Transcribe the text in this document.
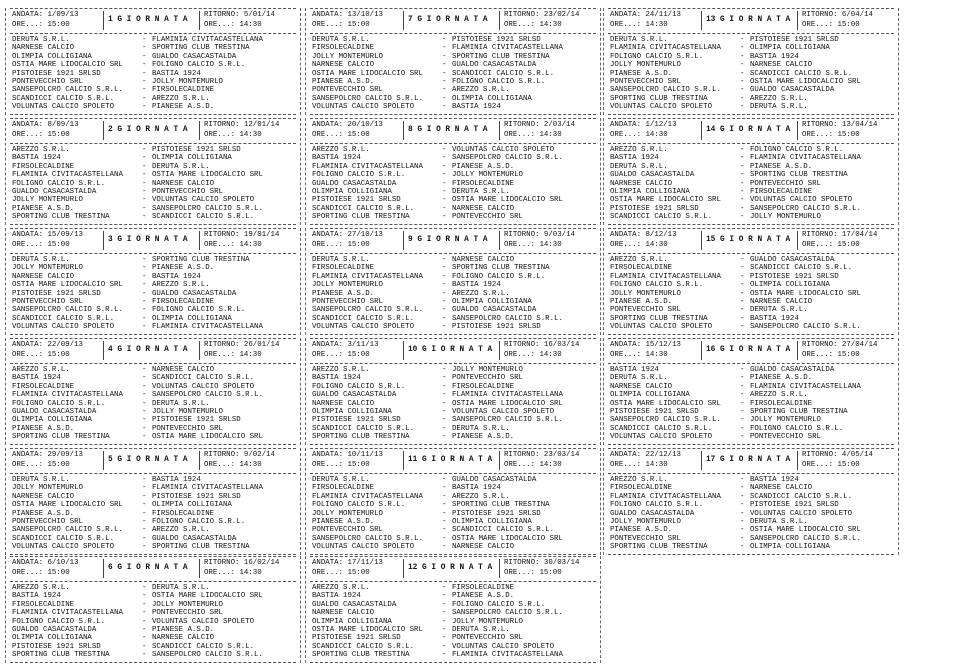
ANDATA: 1/09/13
ORE...: 15:00
1 G I O R N A T A
RITORNO: 5/01/14
ORE...: 14:30
DERUTA S.R.L.	- FLAMINIA CIVITACASTELLANA
NARNESE CALCIO	- SPORTING CLUB TRESTINA
OLIMPIA COLLIGIANA	- GUALDO CASACASTALDA
OSTIA MARE LIDOCALCIO SRL	- FOLIGNO CALCIO S.R.L.
PISTOIESE 1921 SRLSD	- BASTIA 1924
PONTEVECCHIO SRL	- JOLLY MONTEMURLO
SANSEPOLCRO CALCIO S.R.L.	- FIRSOLECALDINE
SCANDICCI CALCIO S.R.L.	- AREZZO S.R.L.
VOLUNTAS CALCIO SPOLETO	- PIANESE A.S.D.
ANDATA: 8/09/13
ORE...: 15:00
2 G I O R N A T A
RITORNO: 12/01/14
ORE...: 14:30
AREZZO S.R.L.	- PISTOIESE 1921 SRLSD
BASTIA 1924	- OLIMPIA COLLIGIANA
FIRSOLECALDINE	- DERUTA S.R.L.
FLAMINIA CIVITACASTELLANA	- OSTIA MARE LIDOCALCIO SRL
FOLIGNO CALCIO S.R.L.	- NARNESE CALCIO
GUALDO CASACASTALDA	- PONTEVECCHIO SRL
JOLLY MONTEMURLO	- VOLUNTAS CALCIO SPOLETO
PIANESE A.S.D.	- SANSEPOLCRO CALCIO S.R.L.
SPORTING CLUB TRESTINA	- SCANDICCI CALCIO S.R.L.
ANDATA: 15/09/13
ORE...: 15:00
3 G I O R N A T A
RITORNO: 19/01/14
ORE...: 14:30
DERUTA S.R.L.	- SPORTING CLUB TRESTINA
JOLLY MONTEMURLO	- PIANESE A.S.D.
NARNESE CALCIO	- BASTIA 1924
OSTIA MARE LIDOCALCIO SRL	- AREZZO S.R.L.
PISTOIESE 1921 SRLSD	- GUALDO CASACASTALDA
PONTEVECCHIO SRL	- FIRSOLECALDINE
SANSEPOLCRO CALCIO S.R.L.	- FOLIGNO CALCIO S.R.L.
SCANDICCI CALCIO S.R.L.	- OLIMPIA COLLIGIANA
VOLUNTAS CALCIO SPOLETO	- FLAMINIA CIVITACASTELLANA
ANDATA: 22/09/13
ORE...: 15:00
4 G I O R N A T A
RITORNO: 26/01/14
ORE...: 14:30
AREZZO S.R.L.	- NARNESE CALCIO
BASTIA 1924	- SCANDICCI CALCIO S.R.L.
FIRSOLECALDINE	- VOLUNTAS CALCIO SPOLETO
FLAMINIA CIVITACASTELLANA	- SANSEPOLCRO CALCIO S.R.L.
FOLIGNO CALCIO S.R.L.	- DERUTA S.R.L.
GUALDO CASACASTALDA	- JOLLY MONTEMURLO
OLIMPIA COLLIGIANA	- PISTOIESE 1921 SRLSD
PIANESE A.S.D.	- PONTEVECCHIO SRL
SPORTING CLUB TRESTINA	- OSTIA MARE LIDOCALCIO SRL
ANDATA: 29/09/13
ORE...: 15:00
5 G I O R N A T A
RITORNO: 9/02/14
ORE...: 14:30
DERUTA S.R.L.	- BASTIA 1924
JOLLY MONTEMURLO	- FLAMINIA CIVITACASTELLANA
NARNESE CALCIO	- PISTOIESE 1921 SRLSD
OSTIA MARE LIDOCALCIO SRL	- OLIMPIA COLLIGIANA
PIANESE A.S.D.	- FIRSOLECALDINE
PONTEVECCHIO SRL	- FOLIGNO CALCIO S.R.L.
SANSEPOLCRO CALCIO S.R.L.	- AREZZO S.R.L.
SCANDICCI CALCIO S.R.L.	- GUALDO CASACASTALDA
VOLUNTAS CALCIO SPOLETO	- SPORTING CLUB TRESTINA
ANDATA: 6/10/13
ORE...: 15:00
6 G I O R N A T A
RITORNO: 16/02/14
ORE...: 14:30
AREZZO S.R.L.	- DERUTA S.R.L.
BASTIA 1924	- OSTIA MARE LIDOCALCIO SRL
FIRSOLECALDINE	- JOLLY MONTEMURLO
FLAMINIA CIVITACASTELLANA	- PONTEVECCHIO SRL
FOLIGNO CALCIO S.R.L.	- VOLUNTAS CALCIO SPOLETO
GUALDO CASACASTALDA	- PIANESE A.S.D.
OLIMPIA COLLIGIANA	- NARNESE CALCIO
PISTOIESE 1921 SRLSD	- SCANDICCI CALCIO S.R.L.
SPORTING CLUB TRESTINA	- SANSEPOLCRO CALCIO S.R.L.
ANDATA: 13/10/13
ORE...: 15:00
7 G I O R N A T A
RITORNO: 23/02/14
ORE...: 14:30
DERUTA S.R.L.	- PISTOIESE 1921 SRLSD
FIRSOLECALDINE	- FLAMINIA CIVITACASTELLANA
JOLLY MONTEMURLO	- SPORTING CLUB TRESTINA
NARNESE CALCIO	- GUALDO CASACASTALDA
OSTIA MARE LIDOCALCIO SRL	- SCANDICCI CALCIO S.R.L.
PIANESE A.S.D.	- FOLIGNO CALCIO S.R.L.
PONTEVECCHIO SRL	- AREZZO S.R.L.
SANSEPOLCRO CALCIO S.R.L.	- OLIMPIA COLLIGIANA
VOLUNTAS CALCIO SPOLETO	- BASTIA 1924
ANDATA: 20/10/13
ORE...: 15:00
8 G I O R N A T A
RITORNO: 2/03/14
ORE...: 14:30
AREZZO S.R.L.	- VOLUNTAS CALCIO SPOLETO
BASTIA 1924	- SANSEPOLCRO CALCIO S.R.L.
FLAMINIA CIVITACASTELLANA	- PIANESE A.S.D.
FOLIGNO CALCIO S.R.L.	- JOLLY MONTEMURLO
GUALDO CASACASTALDA	- FIRSOLECALDINE
OLIMPIA COLLIGIANA	- DERUTA S.R.L.
PISTOIESE 1921 SRLSD	- OSTIA MARE LIDOCALCIO SRL
SCANDICCI CALCIO S.R.L.	- NARNESE CALCIO
SPORTING CLUB TRESTINA	- PONTEVECCHIO SRL
ANDATA: 27/10/13
ORE...: 15:00
9 G I O R N A T A
RITORNO: 9/03/14
ORE...: 14:30
DERUTA S.R.L.	- NARNESE CALCIO
FIRSOLECALDINE	- SPORTING CLUB TRESTINA
FLAMINIA CIVITACASTELLANA	- FOLIGNO CALCIO S.R.L.
JOLLY MONTEMURLO	- BASTIA 1924
PIANESE A.S.D.	- AREZZO S.R.L.
PONTEVECCHIO SRL	- OLIMPIA COLLIGIANA
SANSEPOLCRO CALCIO S.R.L.	- GUALDO CASACASTALDA
SCANDICCI CALCIO S.R.L.	- SANSEPOLCRO CALCIO S.R.L.
VOLUNTAS CALCIO SPOLETO	- PISTOIESE 1921 SRLSD
ANDATA: 3/11/13
ORE...: 15:00
10 G I O R N A T A
RITORNO: 16/03/14
ORE...: 14:30
AREZZO S.R.L.	- JOLLY MONTEMURLO
BASTIA 1924	- PONTEVECCHIO SRL
FOLIGNO CALCIO S.R.L.	- FIRSOLECALDINE
GUALDO CASACASTALDA	- FLAMINIA CIVITACASTELLANA
NARNESE CALCIO	- OSTIA MARE LIDOCALCIO SRL
OLIMPIA COLLIGIANA	- VOLUNTAS CALCIO SPOLETO
PISTOIESE 1921 SRLSD	- SANSEPOLCRO CALCIO S.R.L.
SCANDICCI CALCIO S.R.L.	- DERUTA S.R.L.
SPORTING CLUB TRESTINA	- PIANESE A.S.D.
ANDATA: 10/11/13
ORE...: 15:00
11 G I O R N A T A
RITORNO: 23/03/14
ORE...: 14:30
DERUTA S.R.L.	- GUALDO CASACASTALDA
FIRSOLECALDINE	- BASTIA 1924
FLAMINIA CIVITACASTELLANA	- AREZZO S.R.L.
FOLIGNO CALCIO S.R.L.	- SPORTING CLUB TRESTINA
JOLLY MONTEMURLO	- PISTOIESE 1921 SRLSD
PIANESE A.S.D.	- OLIMPIA COLLIGIANA
PONTEVECCHIO SRL	- SCANDICCI CALCIO S.R.L.
SANSEPOLCRO CALCIO S.R.L.	- OSTIA MARE LIDOCALCIO SRL
VOLUNTAS CALCIO SPOLETO	- NARNESE CALCIO
ANDATA: 17/11/13
ORE...: 15:00
12 G I O R N A T A
RITORNO: 30/03/14
ORE...: 15:00
AREZZO S.R.L.	- FIRSOLECALDINE
BASTIA 1924	- PIANESE A.S.D.
GUALDO CASACASTALDA	- FOLIGNO CALCIO S.R.L.
NARNESE CALCIO	- SANSEPOLCRO CALCIO S.R.L.
OLIMPIA COLLIGIANA	- JOLLY MONTEMURLO
OSTIA MARE LIDOCALCIO SRL	- DERUTA S.R.L.
PISTOIESE 1921 SRLSD	- PONTEVECCHIO SRL
SCANDICCI CALCIO S.R.L.	- VOLUNTAS CALCIO SPOLETO
SPORTING CLUB TRESTINA	- FLAMINIA CIVITACASTELLANA
ANDATA: 24/11/13
ORE...: 14:30
13 G I O R N A T A
RITORNO: 6/04/14
ORE...: 15:00
DERUTA S.R.L.	- PISTOIESE 1921 SRLSD
FLAMINIA CIVITACASTELLANA	- OLIMPIA COLLIGIANA
FOLIGNO CALCIO S.R.L.	- BASTIA 1924
JOLLY MONTEMURLO	- NARNESE CALCIO
PIANESE A.S.D.	- SCANDICCI CALCIO S.R.L.
PONTEVECCHIO SRL	- OSTIA MARE LIDOCALCIO SRL
SANSEPOLCRO CALCIO S.R.L.	- GUALDO CASACASTALDA
SPORTING CLUB TRESTINA	- AREZZO S.R.L.
VOLUNTAS CALCIO SPOLETO	- DERUTA S.R.L.
ANDATA: 1/12/13
ORE...: 14:30
14 G I O R N A T A
RITORNO: 13/04/14
ORE...: 15:00
AREZZO S.R.L.	- FOLIGNO CALCIO S.R.L.
BASTIA 1924	- FLAMINIA CIVITACASTELLANA
DERUTA S.R.L.	- PIANESE A.S.D.
GUALDO CASACASTALDA	- SPORTING CLUB TRESTINA
NARNESE CALCIO	- PONTEVECCHIO SRL
OLIMPIA COLLIGIANA	- FIRSOLECALDINE
OSTIA MARE LIDOCALCIO SRL	- VOLUNTAS CALCIO SPOLETO
PISTOIESE 1921 SRLSD	- SANSEPOLCRO CALCIO S.R.L.
SCANDICCI CALCIO S.R.L.	- JOLLY MONTEMURLO
ANDATA: 8/12/13
ORE...: 14:30
15 G I O R N A T A
RITORNO: 17/04/14
ORE...: 15:00
AREZZO S.R.L.	- GUALDO CASACASTALDA
FIRSOLECALDINE	- SCANDICCI CALCIO S.R.L.
FLAMINIA CIVITACASTELLANA	- PISTOIESE 1921 SRLSD
FOLIGNO CALCIO S.R.L.	- OLIMPIA COLLIGIANA
JOLLY MONTEMURLO	- OSTIA MARE LIDOCALCIO SRL
PIANESE A.S.D.	- NARNESE CALCIO
PONTEVECCHIO SRL	- DERUTA S.R.L.
SPORTING CLUB TRESTINA	- BASTIA 1924
VOLUNTAS CALCIO SPOLETO	- SANSEPOLCRO CALCIO S.R.L.
ANDATA: 15/12/13
ORE...: 14:30
16 G I O R N A T A
RITORNO: 27/04/14
ORE...: 15:00
BASTIA 1924	- GUALDO CASACASTALDA
DERUTA S.R.L.	- PIANESE A.S.D.
NARNESE CALCIO	- FLAMINIA CIVITACASTELLANA
OLIMPIA COLLIGIANA	- AREZZO S.R.L.
OSTIA MARE LIDOCALCIO SRL	- FIRSOLECALDINE
PISTOIESE 1921 SRLSD	- SPORTING CLUB TRESTINA
SANSEPOLCRO CALCIO S.R.L.	- JOLLY MONTEMURLO
SCANDICCI CALCIO S.R.L.	- FOLIGNO CALCIO S.R.L.
VOLUNTAS CALCIO SPOLETO	- PONTEVECCHIO SRL
ANDATA: 22/12/13
ORE...: 14:30
17 G I O R N A T A
RITORNO: 4/05/14
ORE...: 15:00
AREZZO S.R.L.	- BASTIA 1924
FIRSOLECALDINE	- NARNESE CALCIO
FLAMINIA CIVITACASTELLANA	- SCANDICCI CALCIO S.R.L.
FOLIGNO CALCIO S.R.L.	- PISTOIESE 1921 SRLSD
GUALDO CASACASTALDA	- VOLUNTAS CALCIO SPOLETO
JOLLY MONTEMURLO	- DERUTA S.R.L.
PIANESE A.S.D.	- OSTIA MARE LIDOCALCIO SRL
PONTEVECCHIO SRL	- SANSEPOLCRO CALCIO S.R.L.
SPORTING CLUB TRESTINA	- OLIMPIA COLLIGIANA
